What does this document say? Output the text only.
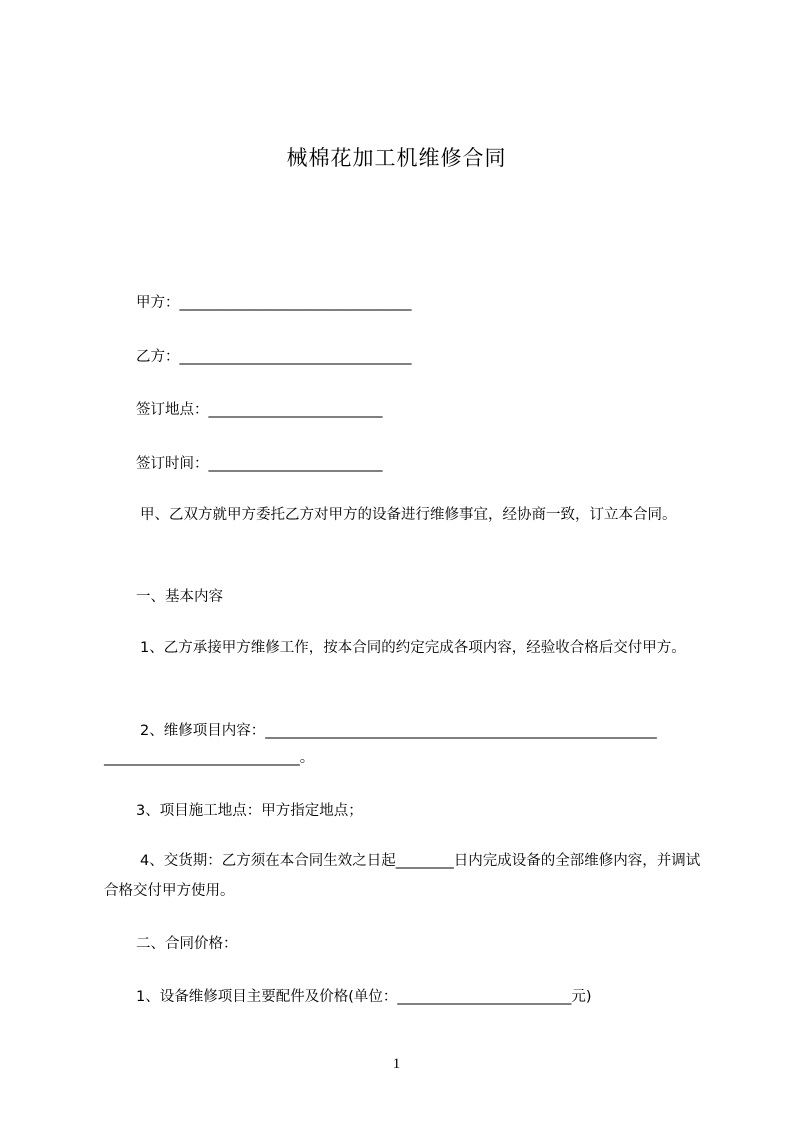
械棉花加工机维修合同
甲方：________________________________
乙方：________________________________
签订地点：________________________
签订时间：________________________
甲、乙双方就甲方委托乙方对甲方的设备进行维修事宜，经协商一致，订立本合同。
一、基本内容
1、乙方承接甲方维修工作，按本合同的约定完成各项内容，经验收合格后交付甲方。
2、维修项目内容：______________________________________________________
___________________________。
3、项目施工地点：甲方指定地点；
4、交货期：乙方须在本合同生效之日起________日内完成设备的全部维修内容，并调试合格交付甲方使用。
二、合同价格：
1、设备维修项目主要配件及价格(单位：________________________元)
1
